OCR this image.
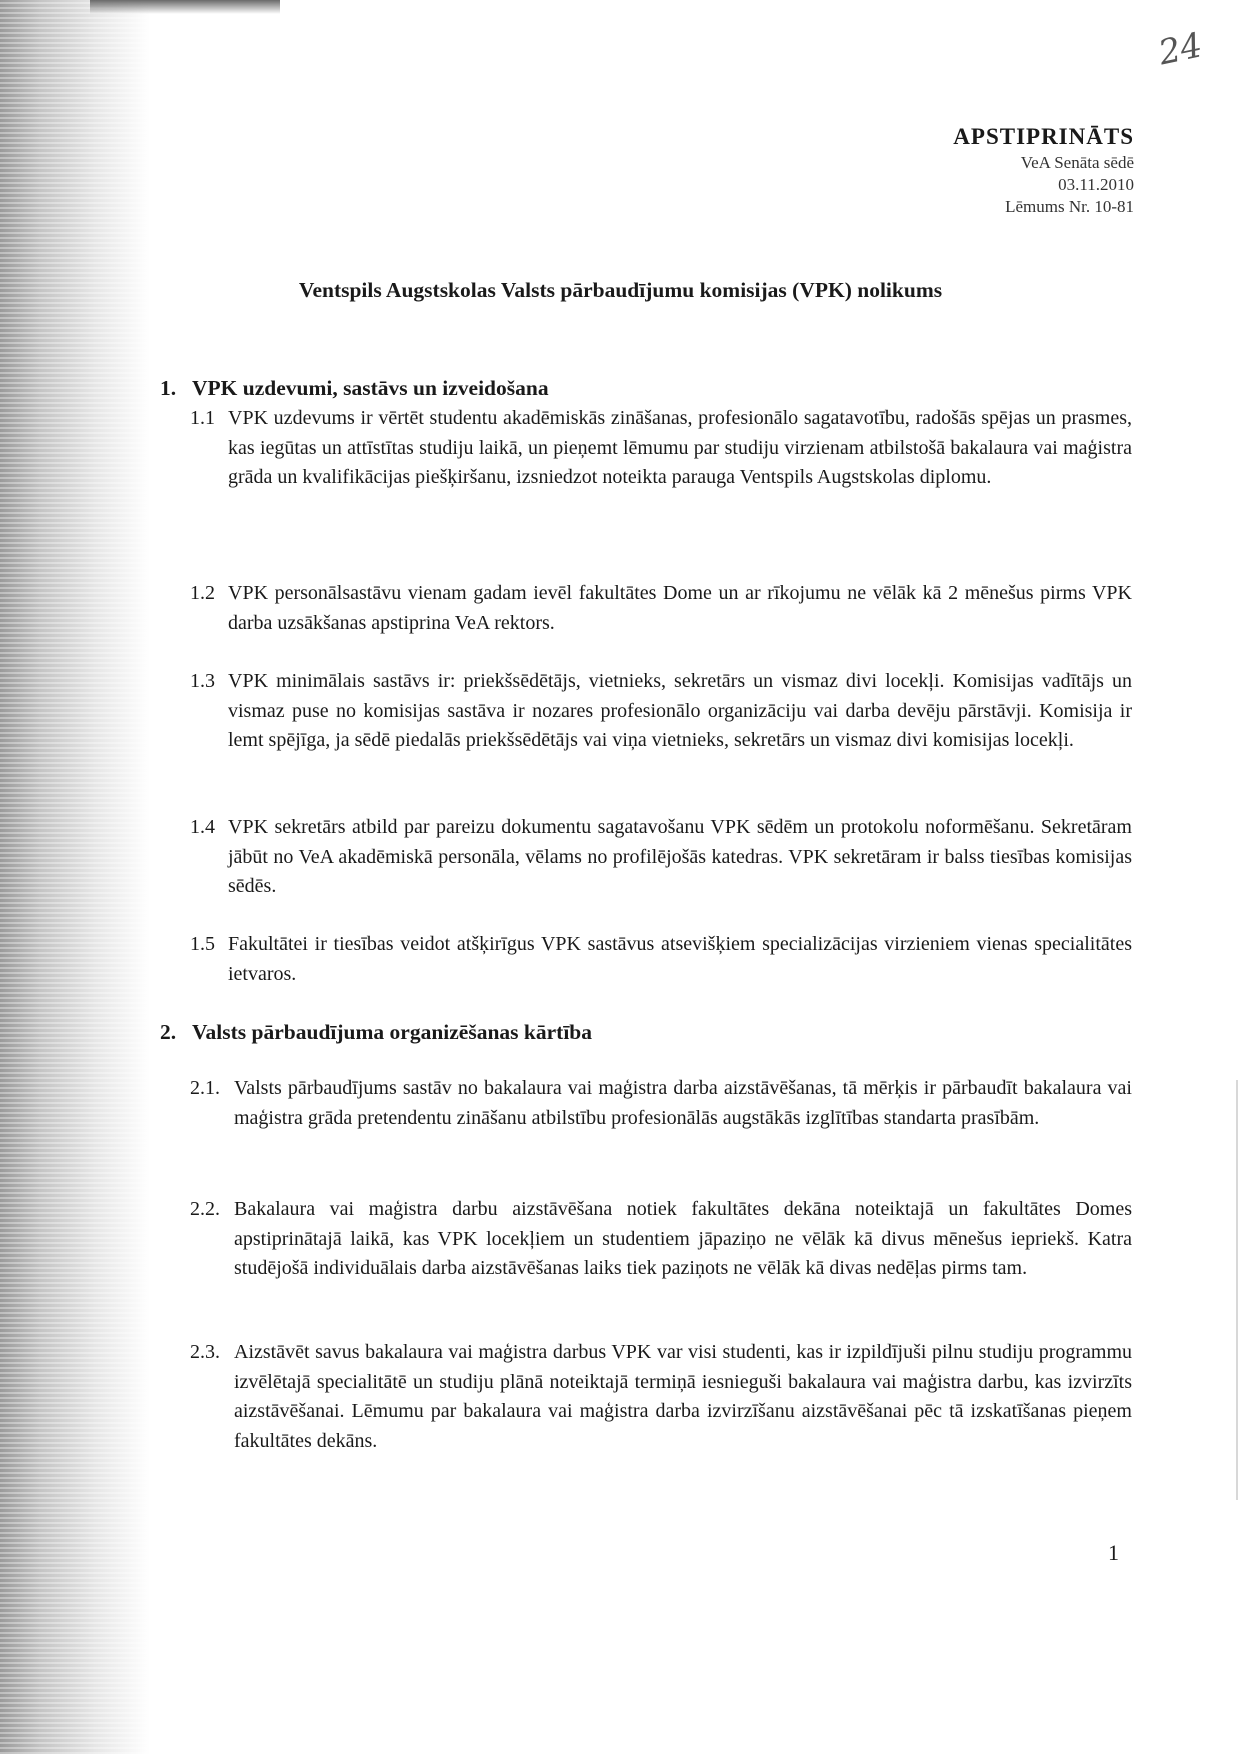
24
APSTIPRINĀTS
VeA Senāta sēdē
03.11.2010
Lēmums Nr. 10-81
Ventspils Augstskolas Valsts pārbaudījumu komisijas (VPK) nolikums
1. VPK uzdevumi, sastāvs un izveidošana
1.1 VPK uzdevums ir vērtēt studentu akadēmiskās zināšanas, profesionālo sagatavotību, radošās spējas un prasmes, kas iegūtas un attīstītas studiju laikā, un pieņemt lēmumu par studiju virzienam atbilstošā bakalaura vai maģistra grāda un kvalifikācijas piešķiršanu, izsniedzot noteikta parauga Ventspils Augstskolas diplomu.
1.2 VPK personālsastāvu vienam gadam ievēl fakultātes Dome un ar rīkojumu ne vēlāk kā 2 mēnešus pirms VPK darba uzsākšanas apstiprina VeA rektors.
1.3 VPK minimālais sastāvs ir: priekšsēdētājs, vietnieks, sekretārs un vismaz divi locekļi. Komisijas vadītājs un vismaz puse no komisijas sastāva ir nozares profesionālo organizāciju vai darba devēju pārstāvji. Komisija ir lemt spējīga, ja sēdē piedalās priekšsēdētājs vai viņa vietnieks, sekretārs un vismaz divi komisijas locekļi.
1.4 VPK sekretārs atbild par pareizu dokumentu sagatavošanu VPK sēdēm un protokolu noformēšanu. Sekretāram jābūt no VeA akadēmiskā personāla, vēlams no profilējošās katedras. VPK sekretāram ir balss tiesības komisijas sēdēs.
1.5 Fakultātei ir tiesības veidot atšķirīgus VPK sastāvus atsevišķiem specializācijas virzieniem vienas specialitātes ietvaros.
2. Valsts pārbaudījuma organizēšanas kārtība
2.1. Valsts pārbaudījums sastāv no bakalaura vai maģistra darba aizstāvēšanas, tā mērķis ir pārbaudīt bakalaura vai maģistra grāda pretendentu zināšanu atbilstību profesionālās augstākās izglītības standarta prasībām.
2.2. Bakalaura vai maģistra darbu aizstāvēšana notiek fakultātes dekāna noteiktajā un fakultātes Domes apstiprinātajā laikā, kas VPK locekļiem un studentiem jāpaziņo ne vēlāk kā divus mēnešus iepriekš. Katra studējošā individuālais darba aizstāvēšanas laiks tiek paziņots ne vēlāk kā divas nedēļas pirms tam.
2.3. Aizstāvēt savus bakalaura vai maģistra darbus VPK var visi studenti, kas ir izpildījuši pilnu studiju programmu izvēlētajā specialitātē un studiju plānā noteiktajā termiņā iesnieguši bakalaura vai maģistra darbu, kas izvirzīts aizstāvēšanai. Lēmumu par bakalaura vai maģistra darba izvirzīšanu aizstāvēšanai pēc tā izskatīšanas pieņem fakultātes dekāns.
1
